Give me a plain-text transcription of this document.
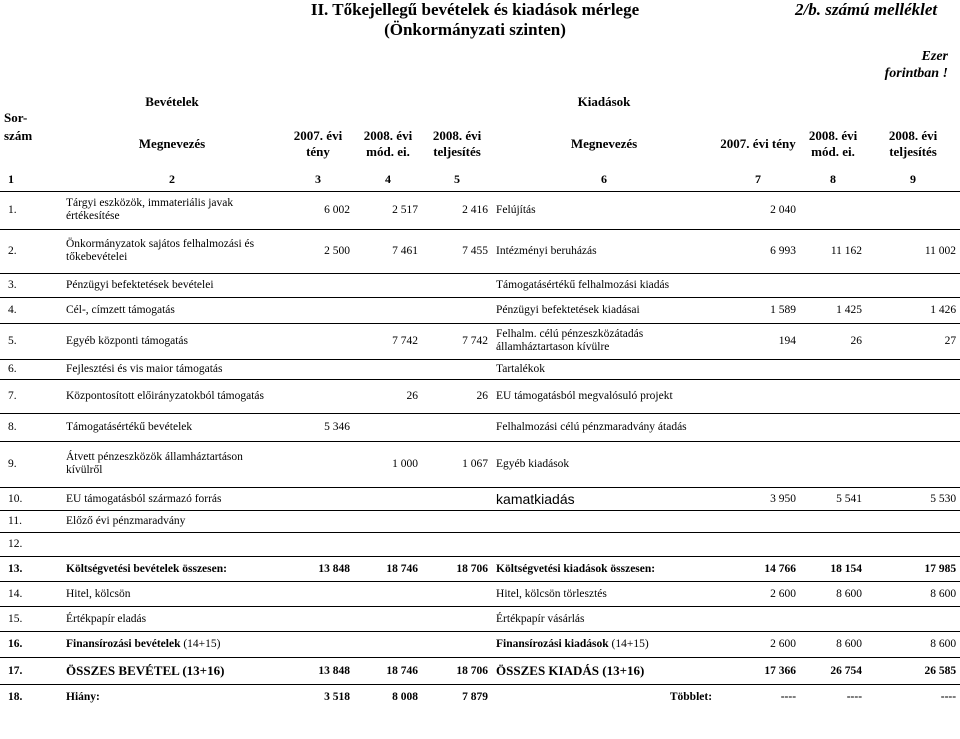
II. Tőkejellegű bevételek és kiadások mérlege
(Önkormányzati szinten)
2/b. számú melléklet
Ezer
forintban !
Sor-
szám	Bevételek				Kiadások			
	Megnevezés	2007. évi tény	2008. évi mód. ei.	2008. évi teljesítés	Megnevezés	2007. évi tény	2008. évi mód. ei.	2008. évi teljesítés
1	2	3	4	5	6	7	8	9
1.	Tárgyi eszközök, immateriális javak értékesítése	6 002	2 517	2 416	Felújítás	2 040		
2.	Önkormányzatok sajátos felhalmozási és tőkebevételei	2 500	7 461	7 455	Intézményi beruházás	6 993	11 162	11 002
3.	Pénzügyi befektetések bevételei				Támogatásértékű felhalmozási kiadás			
4.	Cél-, címzett támogatás				Pénzügyi befektetések kiadásai	1 589	1 425	1 426
5.	Egyéb központi támogatás		7 742	7 742	Felhalm. célú pénzeszközátadás államháztartason kívülre	194	26	27
6.	Fejlesztési és vis maior támogatás				Tartalékok			
7.	Központosított előirányzatokból támogatás		26	26	EU támogatásból megvalósuló projekt			
8.	Támogatásértékű bevételek	5 346			Felhalmozási célú pénzmaradvány átadás			
9.	Átvett pénzeszközök államháztartáson kívülről		1 000	1 067	Egyéb kiadások			
10.	EU támogatásból származó forrás				kamatkiadás	3 950	5 541	5 530
11.	Előző évi pénzmaradvány							
12.								
13.	Költségvetési bevételek összesen:	13 848	18 746	18 706	Költségvetési kiadások összesen:	14 766	18 154	17 985
14.	Hitel, kölcsön				Hitel, kölcsön törlesztés	2 600	8 600	8 600
15.	Értékpapír eladás				Értékpapír vásárlás			
16.	Finansírozási bevételek (14+15)				Finansírozási kiadások (14+15)	2 600	8 600	8 600
17.	ÖSSZES BEVÉTEL (13+16)	13 848	18 746	18 706	ÖSSZES KIADÁS (13+16)	17 366	26 754	26 585
18.	Hiány:	3 518	8 008	7 879	Többlet:	----	----	----
